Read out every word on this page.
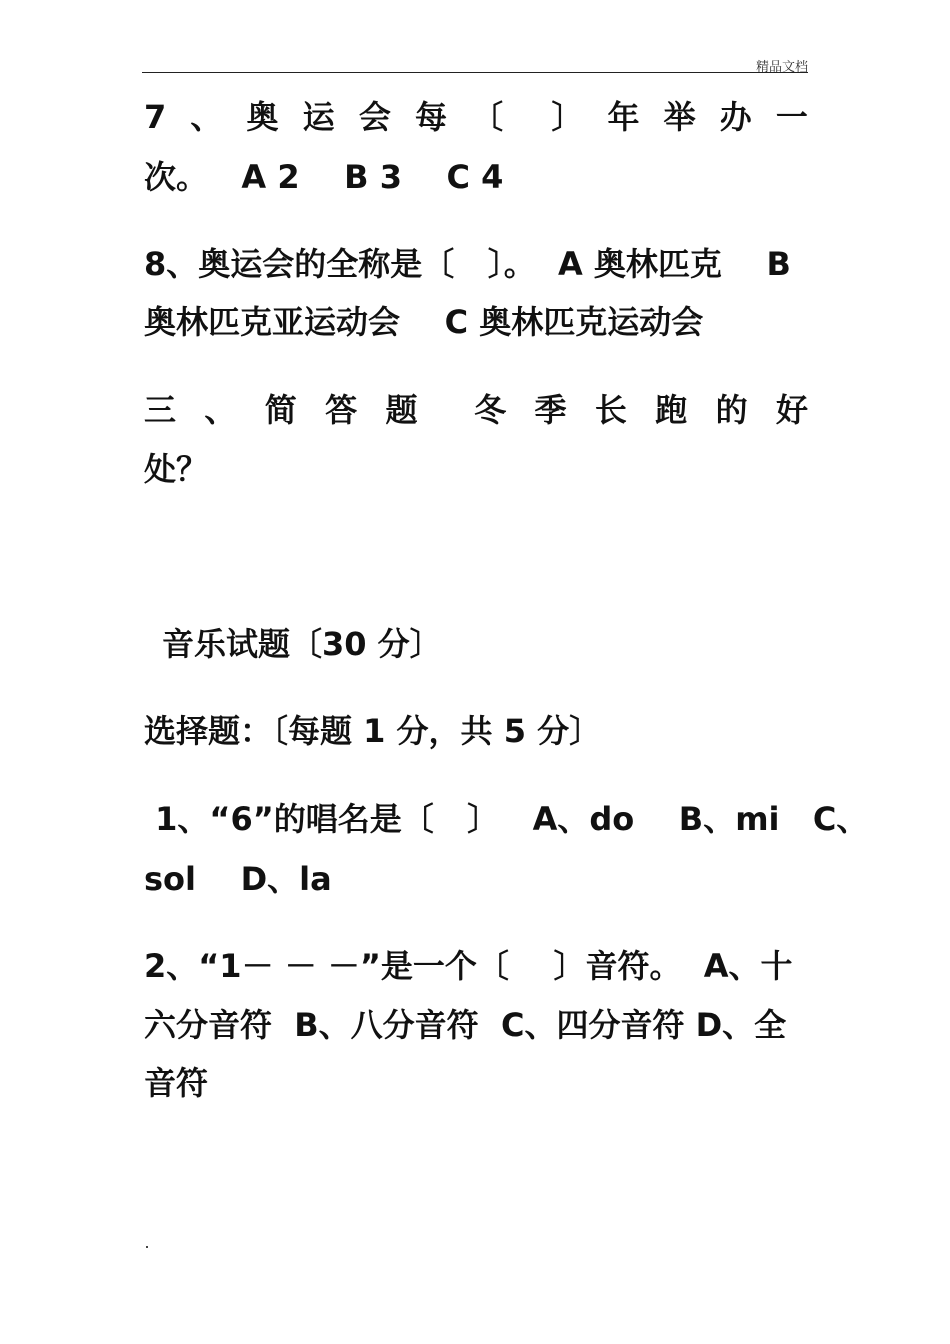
精品文档
7 、 奥 运 会 每 〔 〕 年 举 办 一
次。   A 2    B 3    C 4
8、奥运会的全称是〔   〕。  A 奥林匹克    B
奥林匹克亚运动会    C 奥林匹克运动会
三 、 简 答 题 冬 季 长 跑 的 好
处？
音乐试题〔30 分〕
选择题：〔每题 1 分，共 5 分〕
1、“6”的唱名是〔   〕   A、do    B、mi   C、
sol    D、la
2、“1－ － －”是一个〔    〕音符。  A、十
六分音符  B、八分音符  C、四分音符 D、全
音符
